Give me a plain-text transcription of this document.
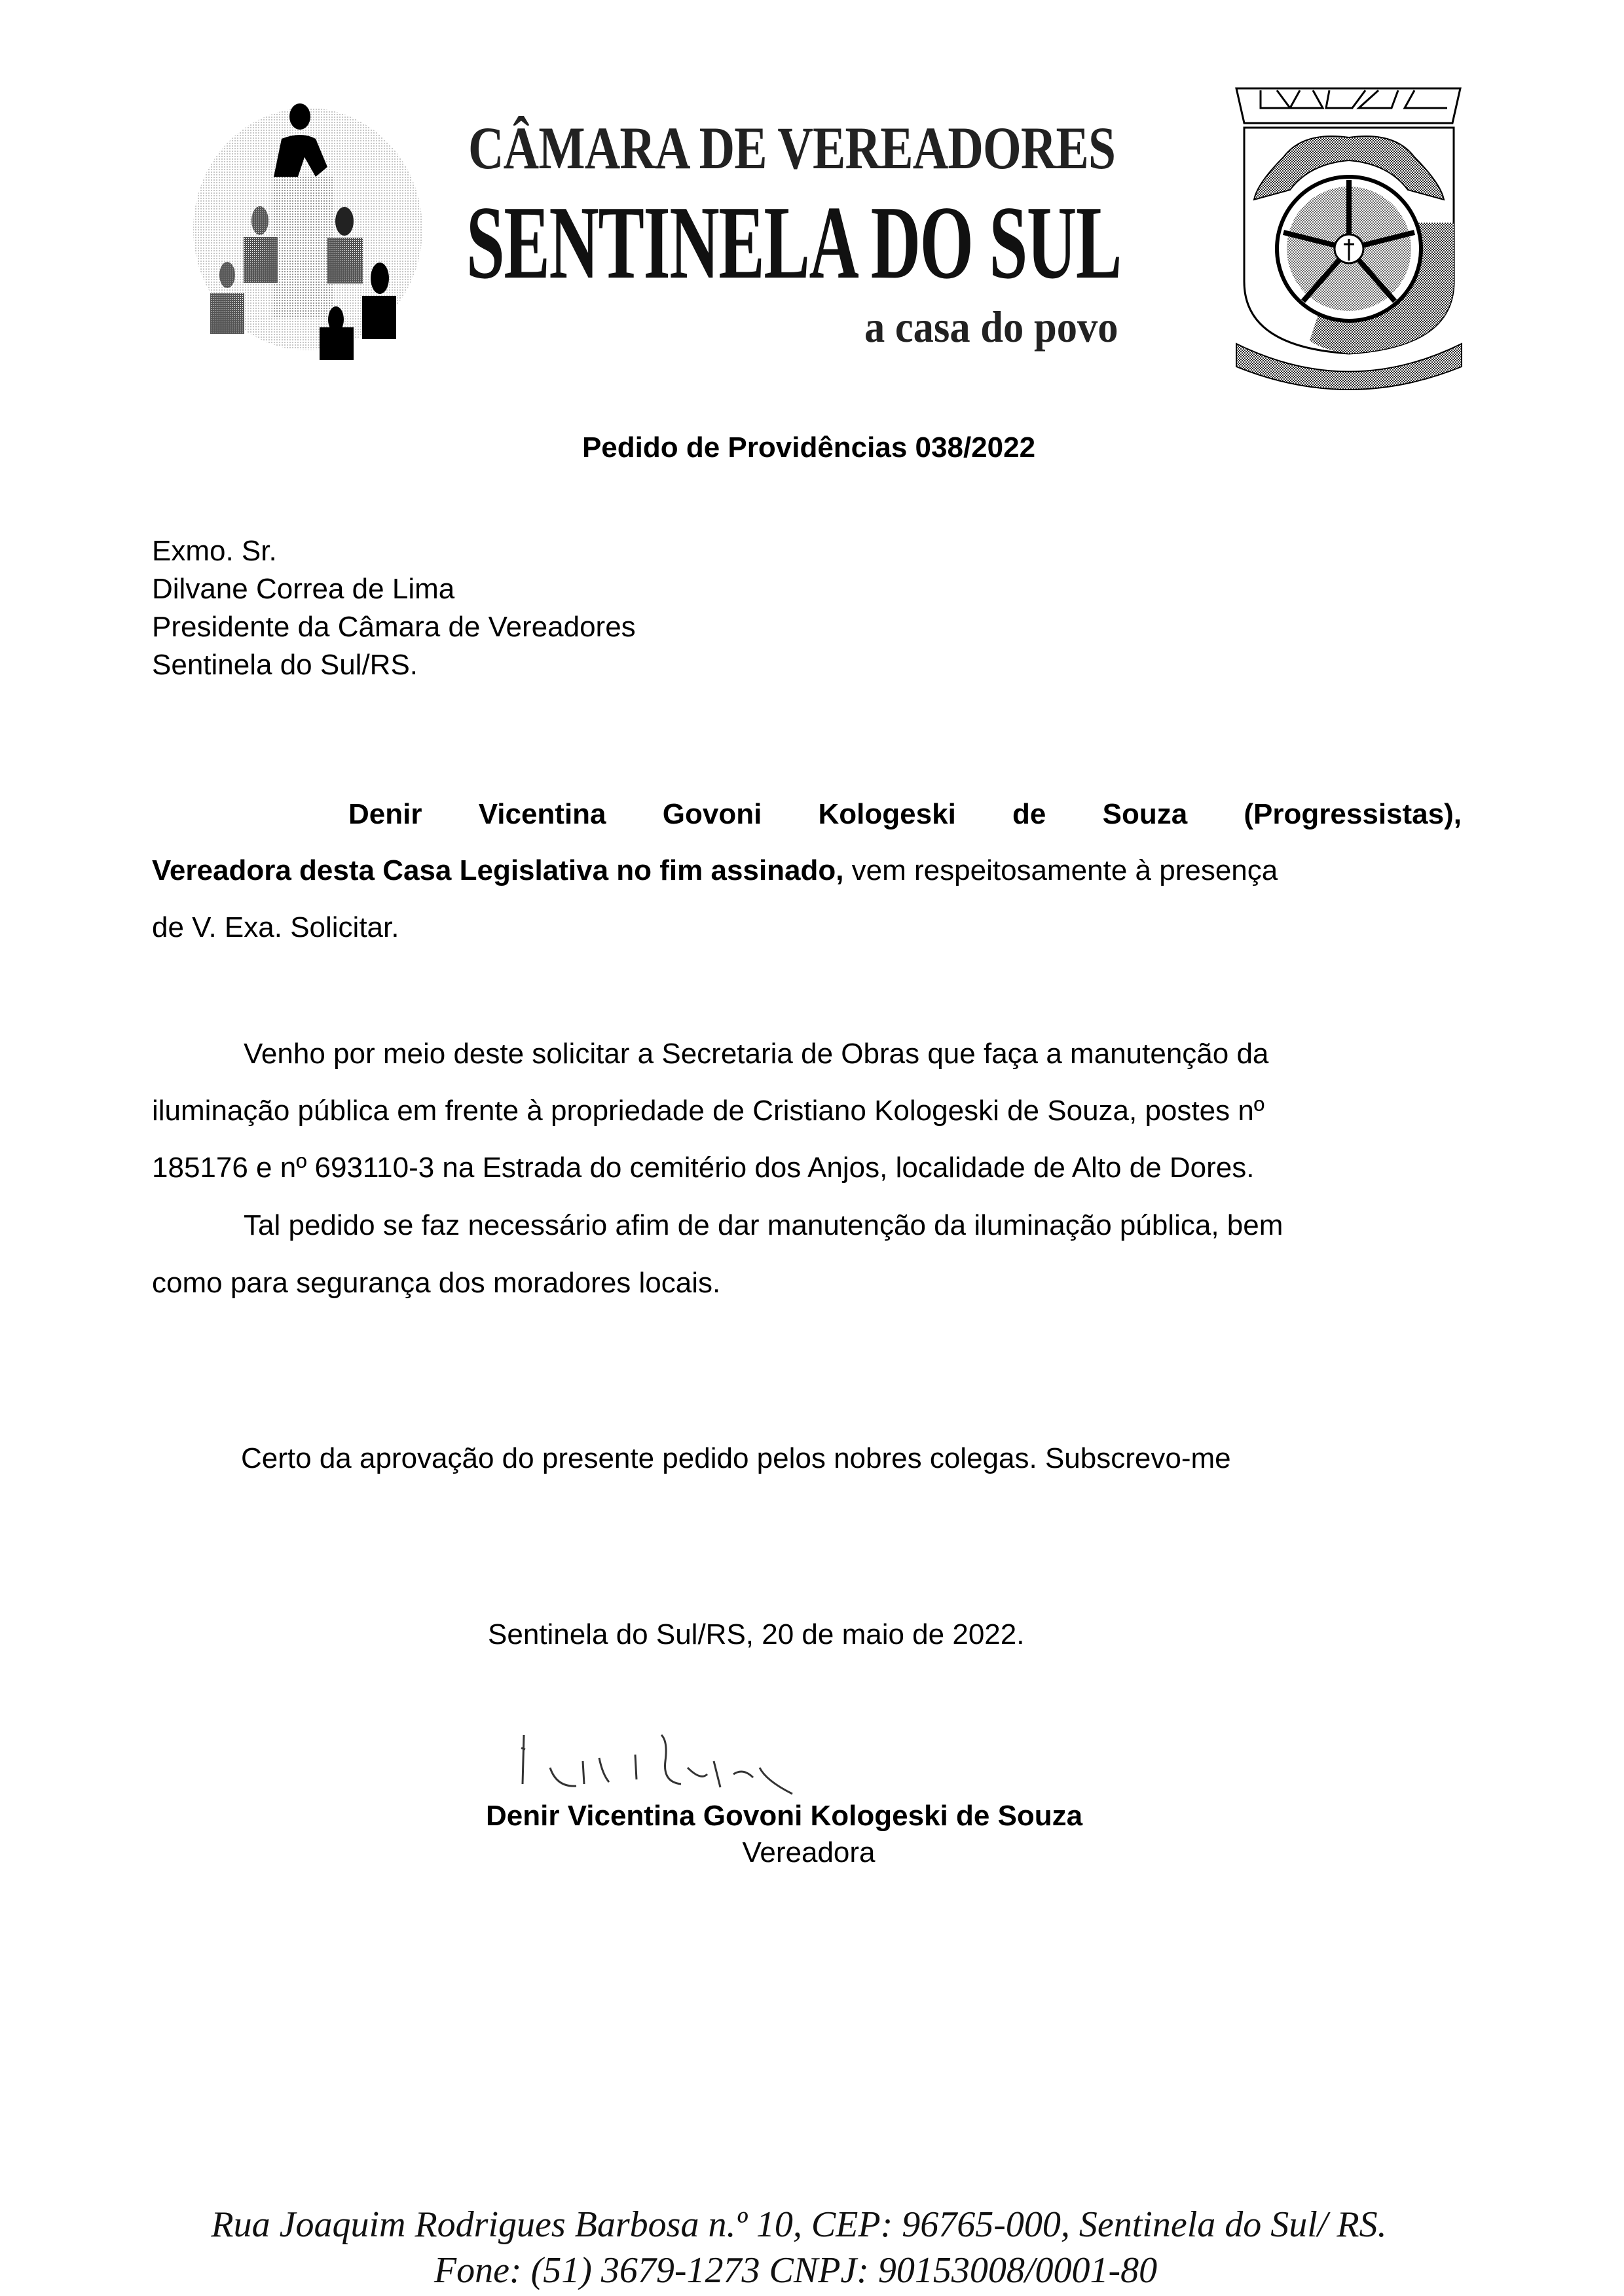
CÂMARA DE VEREADORES
SENTINELA DO SUL
a casa do povo
Pedido de Providências 038/2022
Exmo. Sr.
Dilvane Correa de Lima
Presidente da Câmara de Vereadores
Sentinela do Sul/RS.
Denir Vicentina Govoni Kologeski de Souza (Progressistas),
Vereadora desta Casa Legislativa no fim assinado, vem respeitosamente à presença
de V. Exa. Solicitar.
Venho por meio deste solicitar a Secretaria de Obras que faça a manutenção da
iluminação pública em frente à propriedade de Cristiano Kologeski de Souza, postes nº
185176 e nº 693110-3 na Estrada do cemitério dos Anjos, localidade de Alto de Dores.
Tal pedido se faz necessário afim de dar manutenção da iluminação pública, bem
como para segurança dos moradores locais.
Certo da aprovação do presente pedido pelos nobres colegas. Subscrevo-me
Sentinela do Sul/RS, 20 de maio de 2022.
Denir Vicentina Govoni Kologeski de Souza
Vereadora
Rua Joaquim Rodrigues Barbosa n.º 10, CEP: 96765-000, Sentinela do Sul/ RS.
Fone: (51) 3679-1273 CNPJ: 90153008/0001-80
